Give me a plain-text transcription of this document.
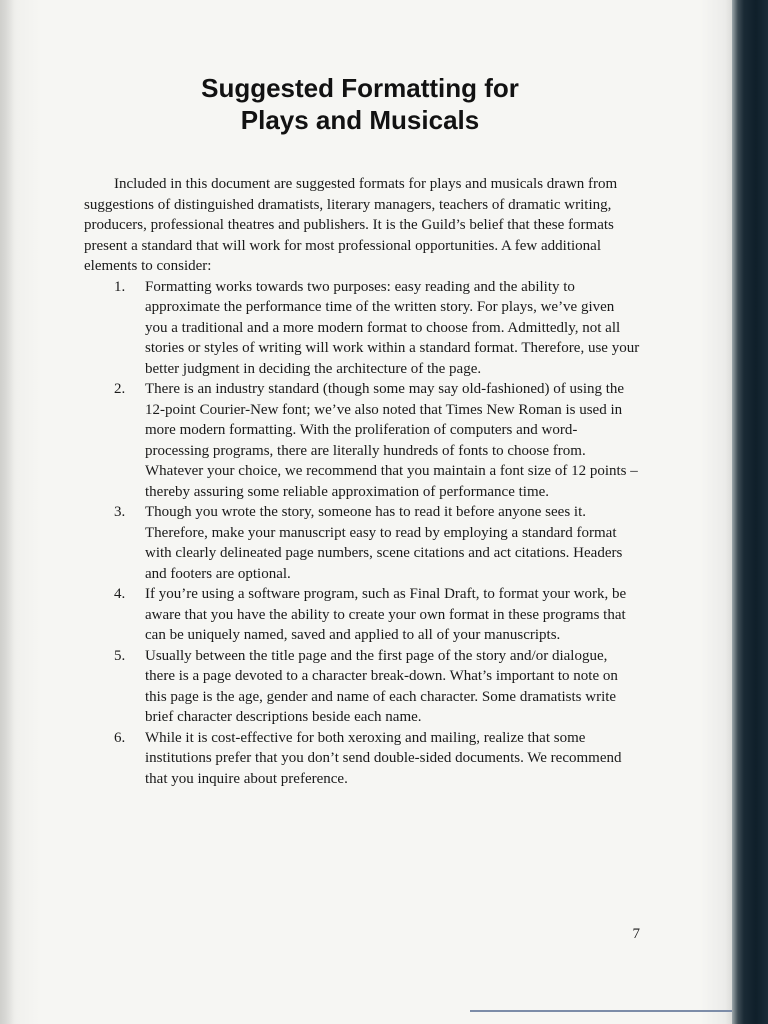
Suggested Formatting for
Plays and Musicals

Included in this document are suggested formats for plays and musicals drawn from suggestions of distinguished dramatists, literary managers, teachers of dramatic writing, producers, professional theatres and publishers. It is the Guild’s belief that these formats present a standard that will work for most professional opportunities. A few additional elements to consider:

1. Formatting works towards two purposes: easy reading and the ability to approximate the performance time of the written story. For plays, we’ve given you a traditional and a more modern format to choose from. Admittedly, not all stories or styles of writing will work within a standard format. Therefore, use your better judgment in deciding the architecture of the page.
2. There is an industry standard (though some may say old-fashioned) of using the 12-point Courier-New font; we’ve also noted that Times New Roman is used in more modern formatting. With the proliferation of computers and word-processing programs, there are literally hundreds of fonts to choose from. Whatever your choice, we recommend that you maintain a font size of 12 points – thereby assuring some reliable approximation of performance time.
3. Though you wrote the story, someone has to read it before anyone sees it. Therefore, make your manuscript easy to read by employing a standard format with clearly delineated page numbers, scene citations and act citations. Headers and footers are optional.
4. If you’re using a software program, such as Final Draft, to format your work, be aware that you have the ability to create your own format in these programs that can be uniquely named, saved and applied to all of your manuscripts.
5. Usually between the title page and the first page of the story and/or dialogue, there is a page devoted to a character break-down. What’s important to note on this page is the age, gender and name of each character. Some dramatists write brief character descriptions beside each name.
6. While it is cost-effective for both xeroxing and mailing, realize that some institutions prefer that you don’t send double-sided documents. We recommend that you inquire about preference.
7
